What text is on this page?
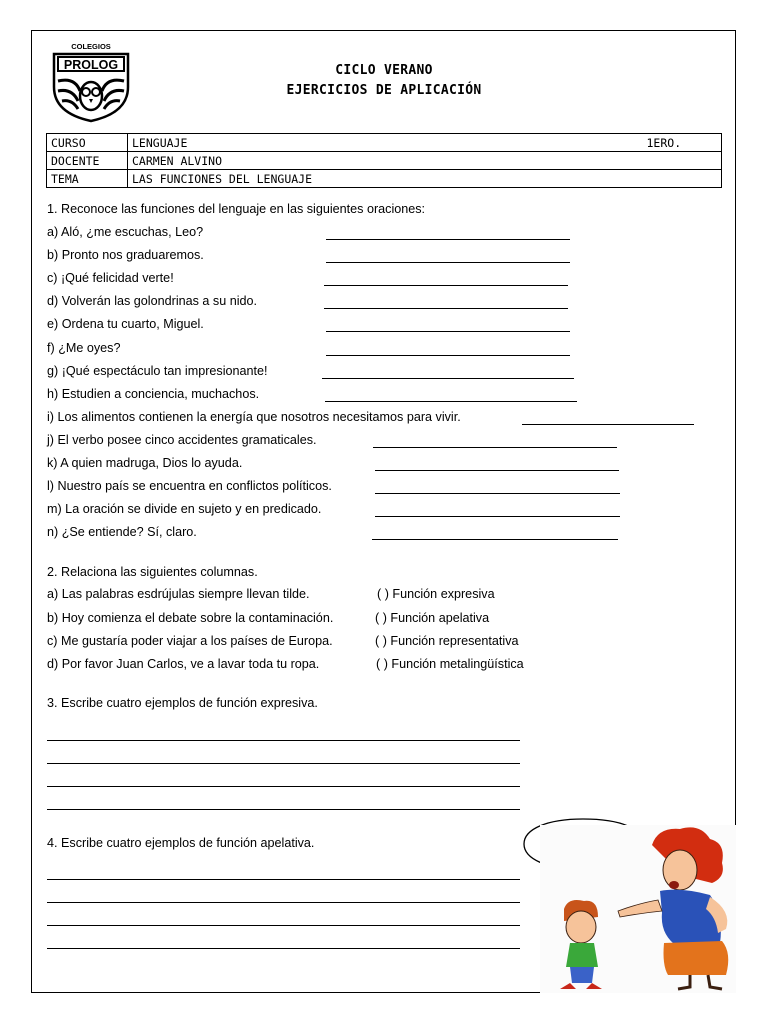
COLEGIOS
PROLOG	CICLO VERANO
EJERCICIOS DE APLICACIÓN
CURSO	LENGUAJE 1ERO.

DOCENTE	CARMEN ALVINO
TEMA	LAS FUNCIONES DEL LENGUAJE
1. Reconoce las funciones del lenguaje en las siguientes oraciones:
a) Aló, ¿me escuchas, Leo?
b) Pronto nos graduaremos.
c) ¡Qué felicidad verte!
d) Volverán las golondrinas a su nido.
e) Ordena tu cuarto, Miguel.
f) ¿Me oyes?
g) ¡Qué espectáculo tan impresionante!
h) Estudien a conciencia, muchachos.
i) Los alimentos contienen la energía que nosotros necesitamos para vivir.
j) El verbo posee cinco accidentes gramaticales.
k) A quien madruga, Dios lo ayuda.
l) Nuestro país se encuentra en conflictos políticos.
m) La oración se divide en sujeto y en predicado.
n) ¿Se entiende? Sí, claro.
2. Relaciona las siguientes columnas.
a) Las palabras esdrújulas siempre llevan tilde.	( ) Función expresiva
b) Hoy comienza el debate sobre la contaminación.	( ) Función apelativa
c) Me gustaría poder viajar a los países de Europa.	( ) Función representativa
d) Por favor Juan Carlos, ve a lavar toda tu ropa.	( ) Función metalingüística
3. Escribe cuatro ejemplos de función expresiva.
4. Escribe cuatro ejemplos de función apelativa.
